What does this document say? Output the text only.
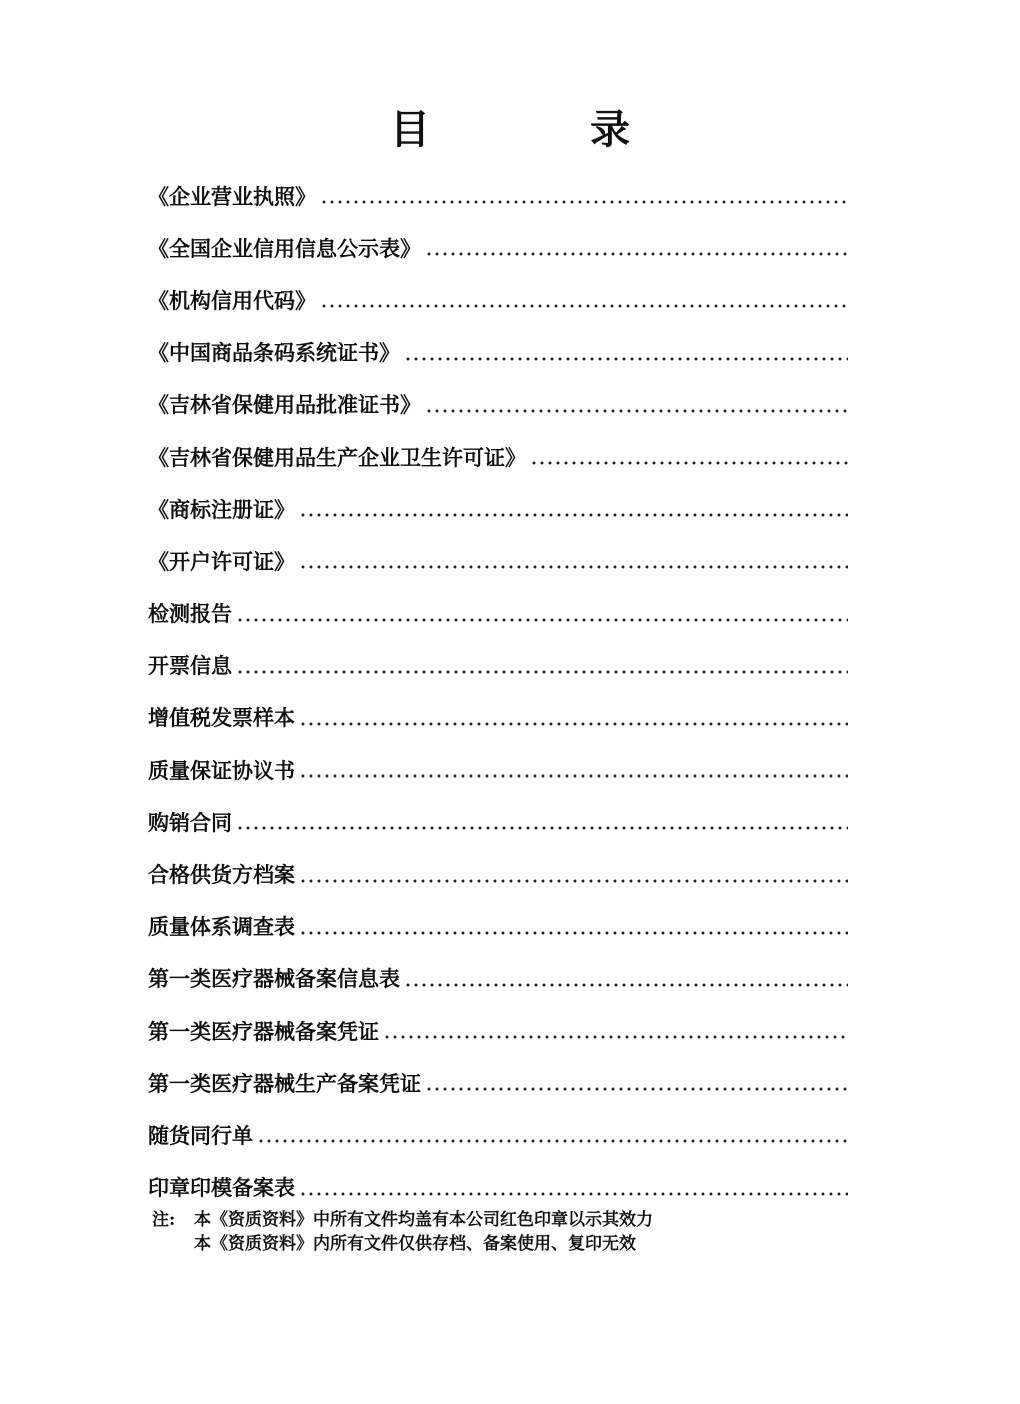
目　录
《企业营业执照》
《全国企业信用信息公示表》
《机构信用代码》
《中国商品条码系统证书》
《吉林省保健用品批准证书》
《吉林省保健用品生产企业卫生许可证》
《商标注册证》
《开户许可证》
检测报告
开票信息
增值税发票样本
质量保证协议书
购销合同
合格供货方档案
质量体系调查表
第一类医疗器械备案信息表
第一类医疗器械备案凭证
第一类医疗器械生产备案凭证
随货同行单
印章印模备案表
注:	本《资质资料》中所有文件均盖有本公司红色印章以示其效力
本《资质资料》内所有文件仅供存档、备案使用、复印无效
